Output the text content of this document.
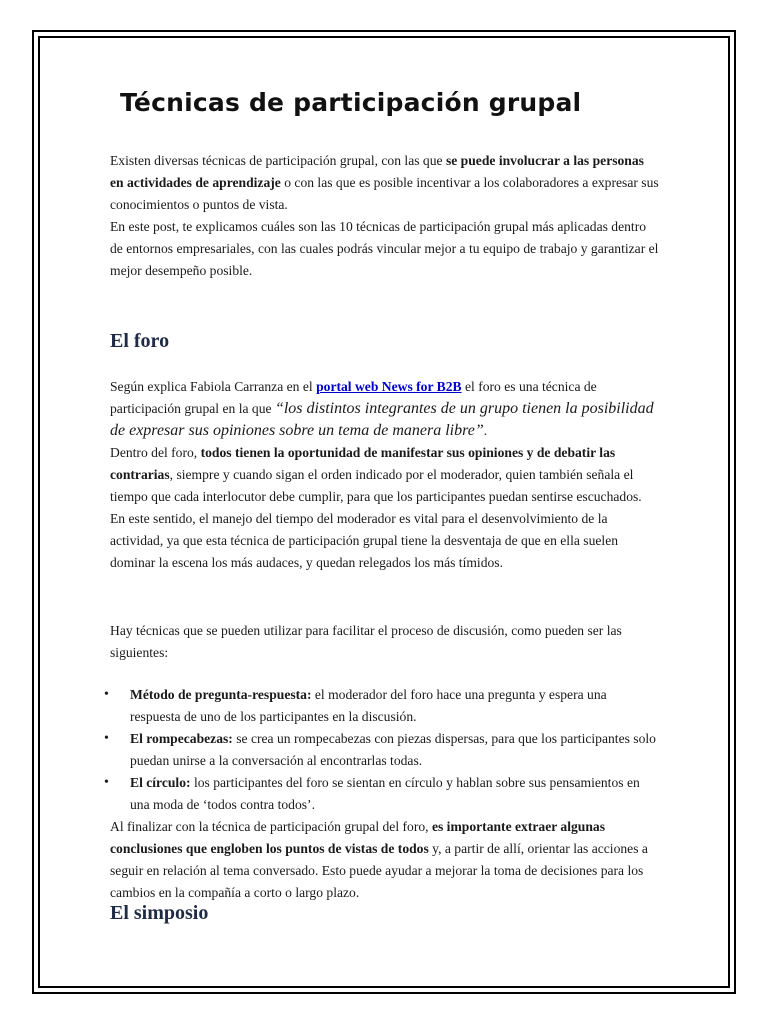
Técnicas de participación grupal

Existen diversas técnicas de participación grupal, con las que se puede involucrar a las personas en actividades de aprendizaje o con las que es posible incentivar a los colaboradores a expresar sus conocimientos o puntos de vista.
En este post, te explicamos cuáles son las 10 técnicas de participación grupal más aplicadas dentro de entornos empresariales, con las cuales podrás vincular mejor a tu equipo de trabajo y garantizar el mejor desempeño posible.

El foro

Según explica Fabiola Carranza en el portal web News for B2B el foro es una técnica de participación grupal en la que “los distintos integrantes de un grupo tienen la posibilidad de expresar sus opiniones sobre un tema de manera libre”.
Dentro del foro, todos tienen la oportunidad de manifestar sus opiniones y de debatir las contrarias, siempre y cuando sigan el orden indicado por el moderador, quien también señala el tiempo que cada interlocutor debe cumplir, para que los participantes puedan sentirse escuchados.
En este sentido, el manejo del tiempo del moderador es vital para el desenvolvimiento de la actividad, ya que esta técnica de participación grupal tiene la desventaja de que en ella suelen dominar la escena los más audaces, y quedan relegados los más tímidos.

Hay técnicas que se pueden utilizar para facilitar el proceso de discusión, como pueden ser las siguientes:

• Método de pregunta-respuesta: el moderador del foro hace una pregunta y espera una respuesta de uno de los participantes en la discusión.
• El rompecabezas: se crea un rompecabezas con piezas dispersas, para que los participantes solo puedan unirse a la conversación al encontrarlas todas.
• El círculo: los participantes del foro se sientan en círculo y hablan sobre sus pensamientos en una moda de ‘todos contra todos’.

Al finalizar con la técnica de participación grupal del foro, es importante extraer algunas conclusiones que engloben los puntos de vistas de todos y, a partir de allí, orientar las acciones a seguir en relación al tema conversado. Esto puede ayudar a mejorar la toma de decisiones para los cambios en la compañía a corto o largo plazo.

El simposio
